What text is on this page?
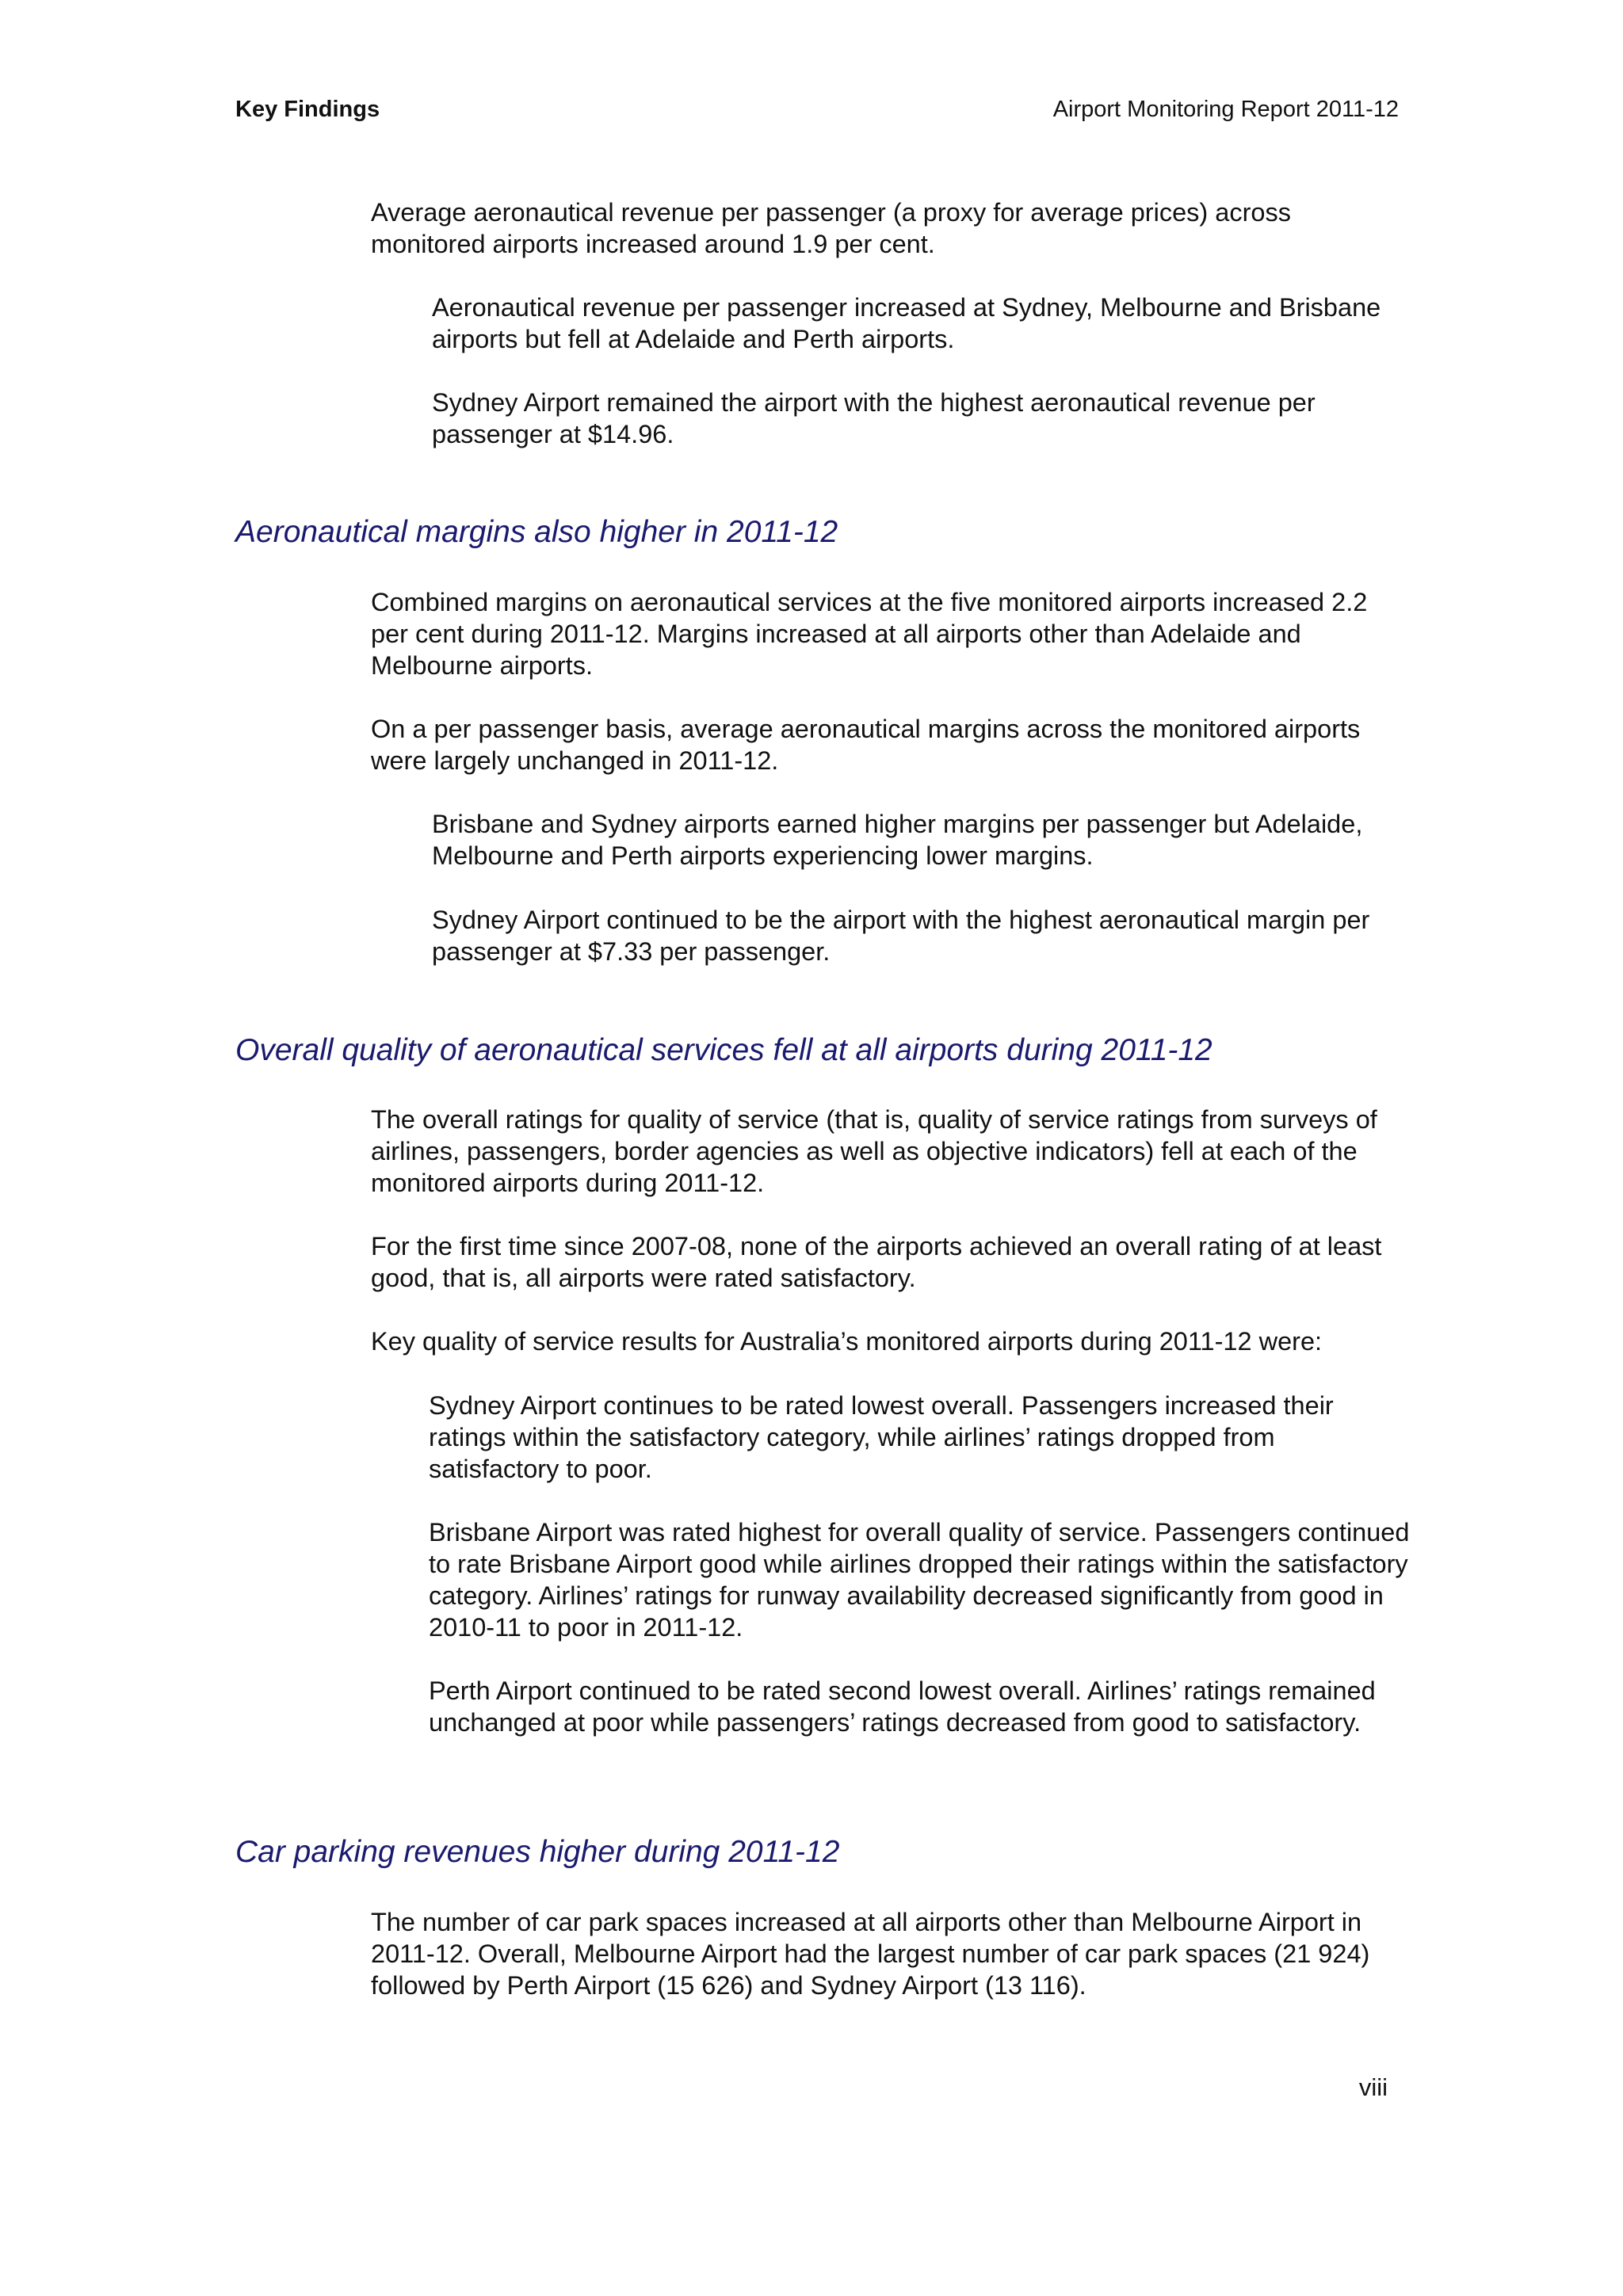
Key Findings	Airport Monitoring Report 2011-12

Average aeronautical revenue per passenger (a proxy for average prices) across monitored airports increased around 1.9 per cent.

Aeronautical revenue per passenger increased at Sydney, Melbourne and Brisbane airports but fell at Adelaide and Perth airports.

Sydney Airport remained the airport with the highest aeronautical revenue per passenger at $14.96.

Aeronautical margins also higher in 2011-12

Combined margins on aeronautical services at the five monitored airports increased 2.2 per cent during 2011-12. Margins increased at all airports other than Adelaide and Melbourne airports.

On a per passenger basis, average aeronautical margins across the monitored airports were largely unchanged in 2011-12.

Brisbane and Sydney airports earned higher margins per passenger but Adelaide, Melbourne and Perth airports experiencing lower margins.

Sydney Airport continued to be the airport with the highest aeronautical margin per passenger at $7.33 per passenger.

Overall quality of aeronautical services fell at all airports during 2011-12

The overall ratings for quality of service (that is, quality of service ratings from surveys of airlines, passengers, border agencies as well as objective indicators) fell at each of the monitored airports during 2011-12.

For the first time since 2007-08, none of the airports achieved an overall rating of at least good, that is, all airports were rated satisfactory.

Key quality of service results for Australia’s monitored airports during 2011-12 were:

Sydney Airport continues to be rated lowest overall. Passengers increased their ratings within the satisfactory category, while airlines’ ratings dropped from satisfactory to poor.

Brisbane Airport was rated highest for overall quality of service. Passengers continued to rate Brisbane Airport good while airlines dropped their ratings within the satisfactory category. Airlines’ ratings for runway availability decreased significantly from good in 2010-11 to poor in 2011-12.

Perth Airport continued to be rated second lowest overall. Airlines’ ratings remained unchanged at poor while passengers’ ratings decreased from good to satisfactory.

Car parking revenues higher during 2011-12

The number of car park spaces increased at all airports other than Melbourne Airport in 2011-12. Overall, Melbourne Airport had the largest number of car park spaces (21 924) followed by Perth Airport (15 626) and Sydney Airport (13 116).

viii
